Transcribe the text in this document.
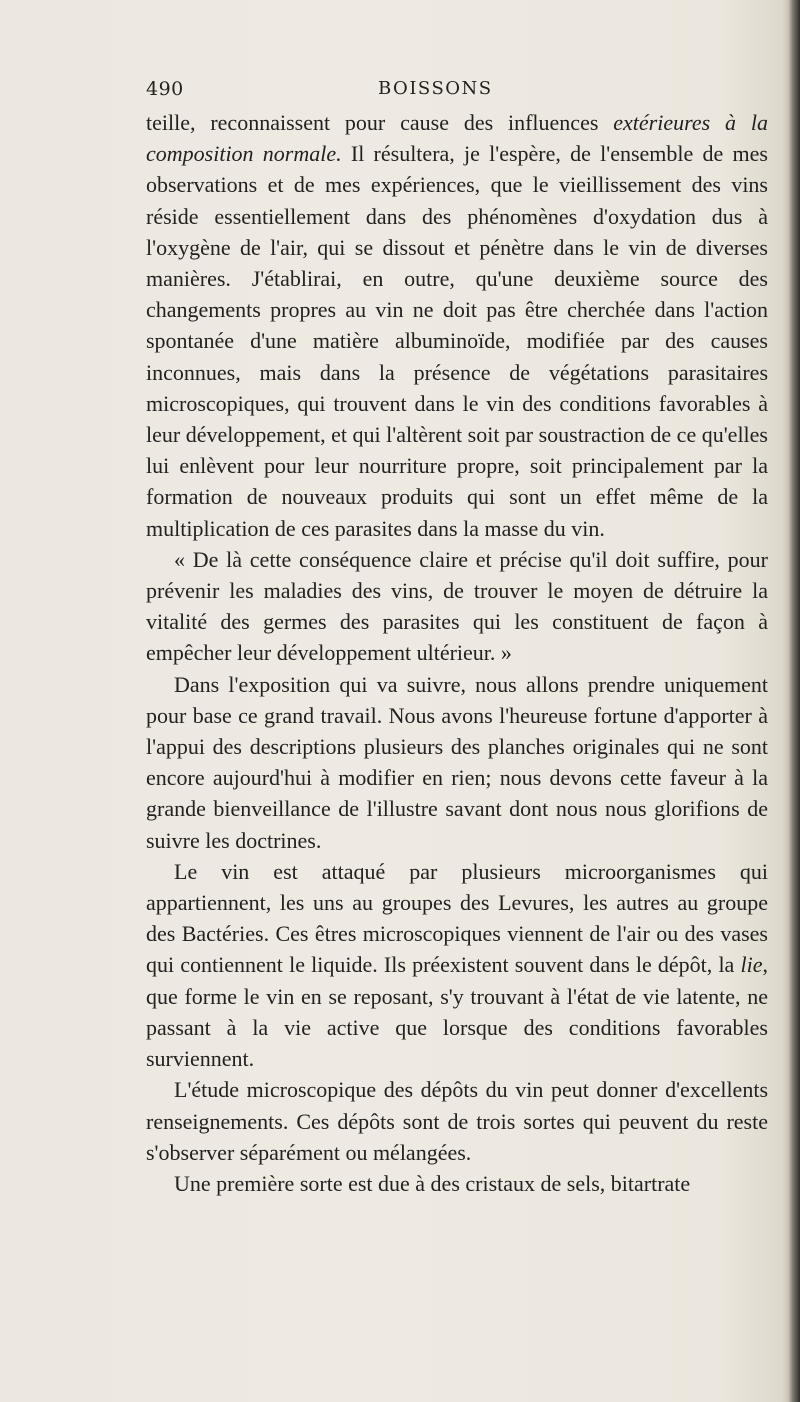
490	BOISSONS

teille, reconnaissent pour cause des influences extérieures à la composition normale. Il résultera, je l'espère, de l'ensemble de mes observations et de mes expériences, que le vieillissement des vins réside essentiellement dans des phénomènes d'oxydation dus à l'oxygène de l'air, qui se dissout et pénètre dans le vin de diverses manières. J'établirai, en outre, qu'une deuxième source des changements propres au vin ne doit pas être cherchée dans l'action spontanée d'une matière albuminoïde, modifiée par des causes inconnues, mais dans la présence de végétations parasitaires microscopiques, qui trouvent dans le vin des conditions favorables à leur développement, et qui l'altèrent soit par soustraction de ce qu'elles lui enlèvent pour leur nourriture propre, soit principalement par la formation de nouveaux produits qui sont un effet même de la multiplication de ces parasites dans la masse du vin.

« De là cette conséquence claire et précise qu'il doit suffire, pour prévenir les maladies des vins, de trouver le moyen de détruire la vitalité des germes des parasites qui les constituent de façon à empêcher leur développement ultérieur. »

Dans l'exposition qui va suivre, nous allons prendre uniquement pour base ce grand travail. Nous avons l'heureuse fortune d'apporter à l'appui des descriptions plusieurs des planches originales qui ne sont encore aujourd'hui à modifier en rien; nous devons cette faveur à la grande bienveillance de l'illustre savant dont nous nous glorifions de suivre les doctrines.

Le vin est attaqué par plusieurs microorganismes qui appartiennent, les uns au groupes des Levures, les autres au groupe des Bactéries. Ces êtres microscopiques viennent de l'air ou des vases qui contiennent le liquide. Ils préexistent souvent dans le dépôt, la lie, que forme le vin en se reposant, s'y trouvant à l'état de vie latente, ne passant à la vie active que lorsque des conditions favorables surviennent.

L'étude microscopique des dépôts du vin peut donner d'excellents renseignements. Ces dépôts sont de trois sortes qui peuvent du reste s'observer séparément ou mélangées.

Une première sorte est due à des cristaux de sels, bitartrate
